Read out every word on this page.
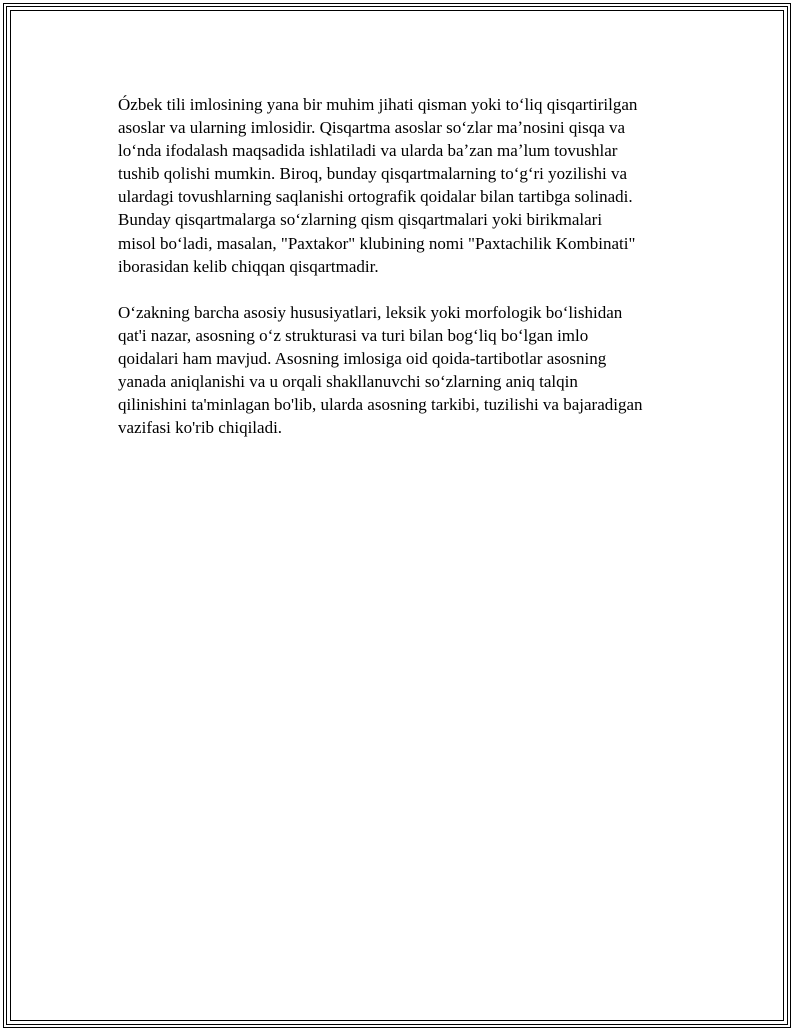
Ózbek tili imlosining yana bir muhim jihati qisman yoki toʻliq qisqartirilgan
asoslar va ularning imlosidir. Qisqartma asoslar soʻzlar maʼnosini qisqa va
loʻnda ifodalash maqsadida ishlatiladi va ularda baʼzan maʼlum tovushlar
tushib qolishi mumkin. Biroq, bunday qisqartmalarning toʻgʻri yozilishi va
ulardagi tovushlarning saqlanishi ortografik qoidalar bilan tartibga solinadi.
Bunday qisqartmalarga soʻzlarning qism qisqartmalari yoki birikmalari
misol boʻladi, masalan, "Paxtakor" klubining nomi "Paxtachilik Kombinati"
iborasidan kelib chiqqan qisqartmadir.

Oʻzakning barcha asosiy hususiyatlari, leksik yoki morfologik boʻlishidan
qat'i nazar, asosning oʻz strukturasi va turi bilan bogʻliq boʻlgan imlo
qoidalari ham mavjud. Asosning imlosiga oid qoida-tartibotlar asosning
yanada aniqlanishi va u orqali shakllanuvchi soʻzlarning aniq talqin
qilinishini ta'minlagan bo'lib, ularda asosning tarkibi, tuzilishi va bajaradigan
vazifasi ko'rib chiqiladi.
